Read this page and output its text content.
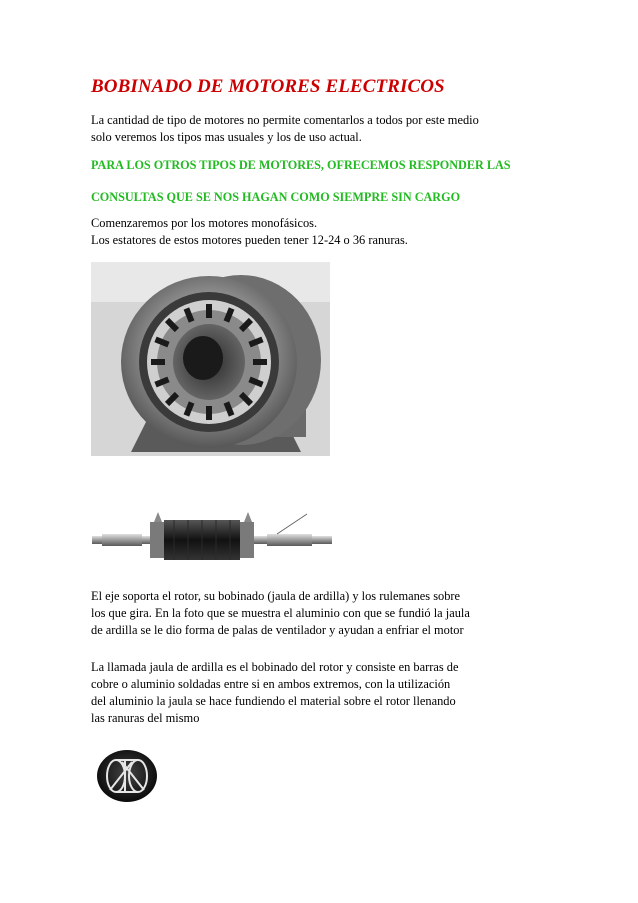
BOBINADO DE MOTORES ELECTRICOS

La cantidad de tipo de motores no permite comentarlos a todos por este medio
solo veremos los tipos mas usuales y los de uso actual.

PARA LOS OTROS TIPOS DE MOTORES, OFRECEMOS RESPONDER LAS

CONSULTAS QUE SE NOS HAGAN COMO SIEMPRE SIN CARGO

Comenzaremos por los motores monofásicos.
Los estatores de estos motores pueden tener 12-24 o 36 ranuras.

El eje soporta el rotor, su bobinado (jaula de ardilla) y los rulemanes sobre
los que gira. En la foto que se muestra el aluminio con que se fundió la jaula
de ardilla se le dio forma de palas de ventilador y ayudan a enfriar el motor

La llamada jaula de ardilla es el bobinado del rotor y consiste en barras de
cobre o aluminio soldadas entre si en ambos extremos, con la utilización
del aluminio la jaula se hace fundiendo el material sobre el rotor llenando
las ranuras del mismo
